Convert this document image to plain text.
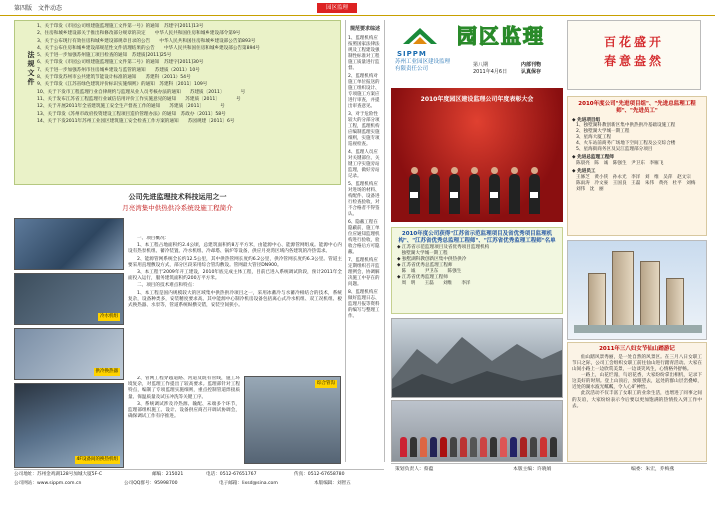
第四版　文件动态	园区监理
法规文件
1、关于印发《市园公司组建施监理施工文件第一号》的通知　苏建字[2011]13号
2、住房和城乡建设部关于推出和修改部分规章的决定　　中华人民共和国住房和城乡建设部令第9号
3、关于公布现行有效住房和城乡建设部规章目录的公告　　中华人民共和国住房和城乡建设部公告第893号
4、关于公布住房和城乡建设部规范性文件清理结果的公告　　中华人民共和国住房和城乡建设部公告第894号
5、关于进一步加强苏州施工项目检查的通知　苏建质[2011]25号
6、关于印发《市园公司组建施监理施工文件第二号》的通知　苏建字[2011]30号
7、关于进一步加强苏州市住房城乡建设与监管的通知　　苏建质（2011）10号
8、关于印发苏州市公共建筑节能设计标准的通知　　苏建科（2011）54号
9、关于印发《江苏省绿色建筑评价标识实施细则》的通知　苏建科〔2011〕109号
10、关于下发市工程监理行业自律规约与监理从业人员考核办法的通知　　苏建质〔2011〕　　　　号
11、关于发布江苏省工程监理行业诚信信用评价工作实施意见的通知　　苏建质〔2011〕　　　　号
12、关于开展2011年全省建筑施工安全生产督查工作的通知　　苏建质〔2011〕　　　　号
13、关于印发《苏州市政府投资建设工程项目造价管理办法》的通知　苏政办〔2011〕58号
14、关于下发2011年苏州工业园区建筑施工安全检查工作方案的通知　　苏园规建〔2011〕6号
公司先进监理技术科技运用之一
月亮湾集中供热供冷系统设施工程简介
冷水机组
供冷换热器
4F设备间的换热机组
综合管沟

一、项目概况：

1、本工程占地面积约2.4公顷，总建筑面积约8万平方米，由能源中心、能源管网组成。能源中心内设有热泵机组、蓄冷装置、冷水机组、冷却塔、锅炉等设备，供应月亮湾区域内各建筑的冷热需求。

2、能源管网系统全长约12.5公里，其中供热管网长度约6.2公里，供冷管网长度约6.3公里。管道主要采用直埋敷设方式，部分区段采用综合管沟敷设。管网最大管径DN900。

3、本工程于2009年开工建设，2010年底完成主体工程，目前已进入系统调试阶段，预计2011年全面投入运行，服务建筑面积约200万平方米。

二、项目的技术难点和特点：

1、本工程是国内规模较大的区域集中供热供冷项目之一，采用冰蓄冷与水蓄冷相结合的技术，系统复杂，设备种类多，安装精度要求高。其中能源中心制冷机房设备包括离心式冷水机组、双工况机组、板式换热器、水泵等，管道系统纵横交错，安装空间狭小。

2、管网工程穿越道路、河道及既有管线，施工环境复杂，对监理工作提出了较高要求。监理部针对工程特点，编制了专项监理实施细则，重点控制管道焊接质量、保温质量及试压冲洗等关键工序。

3、系统调试涉及冷热源、输配、末端多个环节，监理部组织施工、设计、设备供应商召开调试协调会，确保调试工作有序推进。

规范要求综述

1、监理机构应按照国家法律法规及工程建设强制性标准对工程施工质量进行监督。

2、监理机构对施工单位报送的施工组织设计、专项施工方案应进行审查，并提出审查意见。

3、对于危险性较大的分部分项工程，监理机构应编制监理实施细则，实施专项巡视检查。

4、监理人员应对关键部位、关键工序实施旁站监理，做好旁站记录。

5、监理机构应对进场的材料、构配件、设备进行检查验收，对不合格者不得签认。

6、隐蔽工程在隐蔽前，施工单位应通知监理机构进行验收，验收合格后方可隐蔽。

7、监理机构应定期组织召开监理例会，协调解决施工中存在的问题。

8、监理机构应做好监理日志、监理月报等资料的编写与整理工作。

SIPPM
苏州工业园区建设监理有限责任公司
园区监理
第八期
2011年4月6日
内部刊物
认真保存
百花盛开
春意盎然
2010年度园区建设监理公司年度表彰大会
2010年度公司"先进项目组"、"先进总监理工程师"、"先进员工"
◆ 先进项目组
1、独墅湖科教创新区集中供热供冷基础设施工程
2、独墅湖大学城一期工程
3、星海大厦工程
4、火车站前商务广场地下空间工程及公交综合楼
5、星海街商务区及吴江监理部分项目
◆ 先进总监理工程师
陈晨亮　陈　诚　陈强生　尹卫东　李雁飞
◆ 先进员工
王修芝　黄小侠　孙永光　李洋　刘　维　吴萍　赵文宗
陈雨涛　冷文豪　王国良　王磊　朱伟　黄亮　杜平　刘梅
刘伟　沈　丽
2010年度公司获得"江苏省示范监理项目及省优秀项目监理机构"、"江苏省优秀总监理工程师"、"江苏省优秀监理工程师"名单
◆ 江苏省示范监理项目及省优秀项目监理机构
　独墅湖大学城一期工程
◆ 独墅湖科教创新区集中供热供冷
◆ 江苏省优秀总监理工程师
　陈　诚　　尹卫东　　陈强生
◆ 江苏省优秀监理工程师
　周　明　　王磊　　刘维　　李洋
2011年三八妇女节仙山踏游记

仙山踏风景秀丽，是一处自然的风景区。在三月八日女职工节日之际，公司工会组织女职工前往仙山进行踏青活动。大家在山间小路上一边欣赏美景，一边谈笑风生，心情格外舒畅。

一路上，山花烂漫，鸟语花香，大家纷纷拿出相机，记录下这美好的时刻。登上山顶后，放眼望去，远处的群山层峦叠嶂，近处的湖水波光粼粼，令人心旷神怡。

此次活动不仅丰富了女职工的业余生活，也增进了同事之间的友谊，大家纷纷表示今后要以更加饱满的热情投入到工作中去。

公司地址：苏州金鸡湖128号加城大厦5F-C	邮编：215021	电话：0512-67651767	传真：0512-67658780
公司网站：www.sippm.com.cn	公司QQ群号：95998700	电子邮箱：lixsd@sina.com	本版编辑：刘智五
策划负责人：蔡蕴	本版主编：许晓娟	编委：朱宏，乔梅燕
